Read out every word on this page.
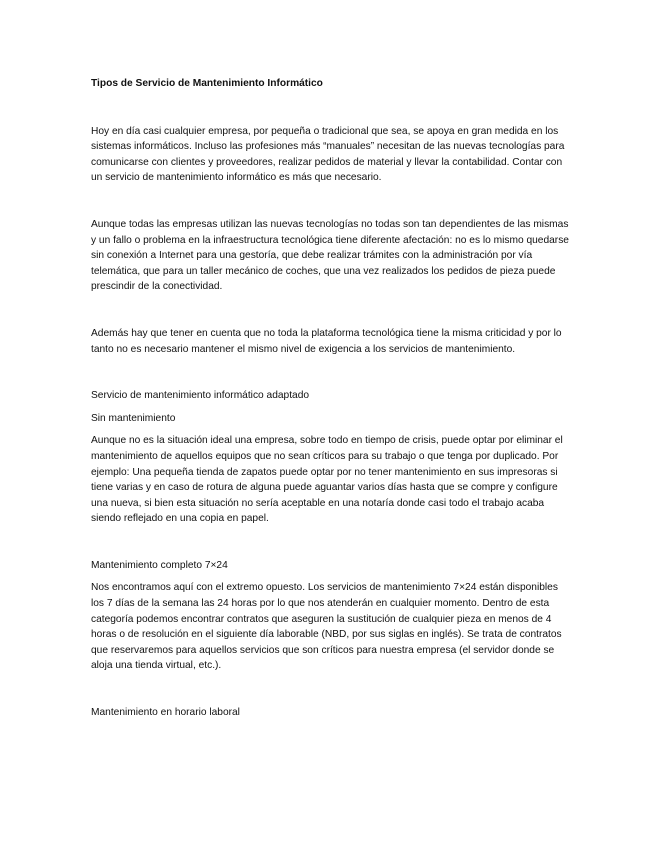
Tipos de Servicio de Mantenimiento Informático

Hoy en día casi cualquier empresa, por pequeña o tradicional que sea, se apoya en gran medida en los sistemas informáticos. Incluso las profesiones más “manuales” necesitan de las nuevas tecnologías para comunicarse con clientes y proveedores, realizar pedidos de material y llevar la contabilidad. Contar con un servicio de mantenimiento informático es más que necesario.

Aunque todas las empresas utilizan las nuevas tecnologías no todas son tan dependientes de las mismas y un fallo o problema en la infraestructura tecnológica tiene diferente afectación: no es lo mismo quedarse sin conexión a Internet para una gestoría, que debe realizar trámites con la administración por vía telemática, que para un taller mecánico de coches, que una vez realizados los pedidos de pieza puede prescindir de la conectividad.

Además hay que tener en cuenta que no toda la plataforma tecnológica tiene la misma criticidad y por lo tanto no es necesario mantener el mismo nivel de exigencia a los servicios de mantenimiento.

Servicio de mantenimiento informático adaptado

Sin mantenimiento

Aunque no es la situación ideal una empresa, sobre todo en tiempo de crisis, puede optar por eliminar el mantenimiento de aquellos equipos que no sean críticos para su trabajo o que tenga por duplicado. Por ejemplo: Una pequeña tienda de zapatos puede optar por no tener mantenimiento en sus impresoras si tiene varias y en caso de rotura de alguna puede aguantar varios días hasta que se compre y configure una nueva, si bien esta situación no sería aceptable en una notaría donde casi todo el trabajo acaba siendo reflejado en una copia en papel.

Mantenimiento completo 7×24

Nos encontramos aquí con el extremo opuesto. Los servicios de mantenimiento 7×24 están disponibles los 7 días de la semana las 24 horas por lo que nos atenderán en cualquier momento. Dentro de esta categoría podemos encontrar contratos que aseguren la sustitución de cualquier pieza en menos de 4 horas o de resolución en el siguiente día laborable (NBD, por sus siglas en inglés). Se trata de contratos que reservaremos para aquellos servicios que son críticos para nuestra empresa (el servidor donde se aloja una tienda virtual, etc.).

Mantenimiento en horario laboral
